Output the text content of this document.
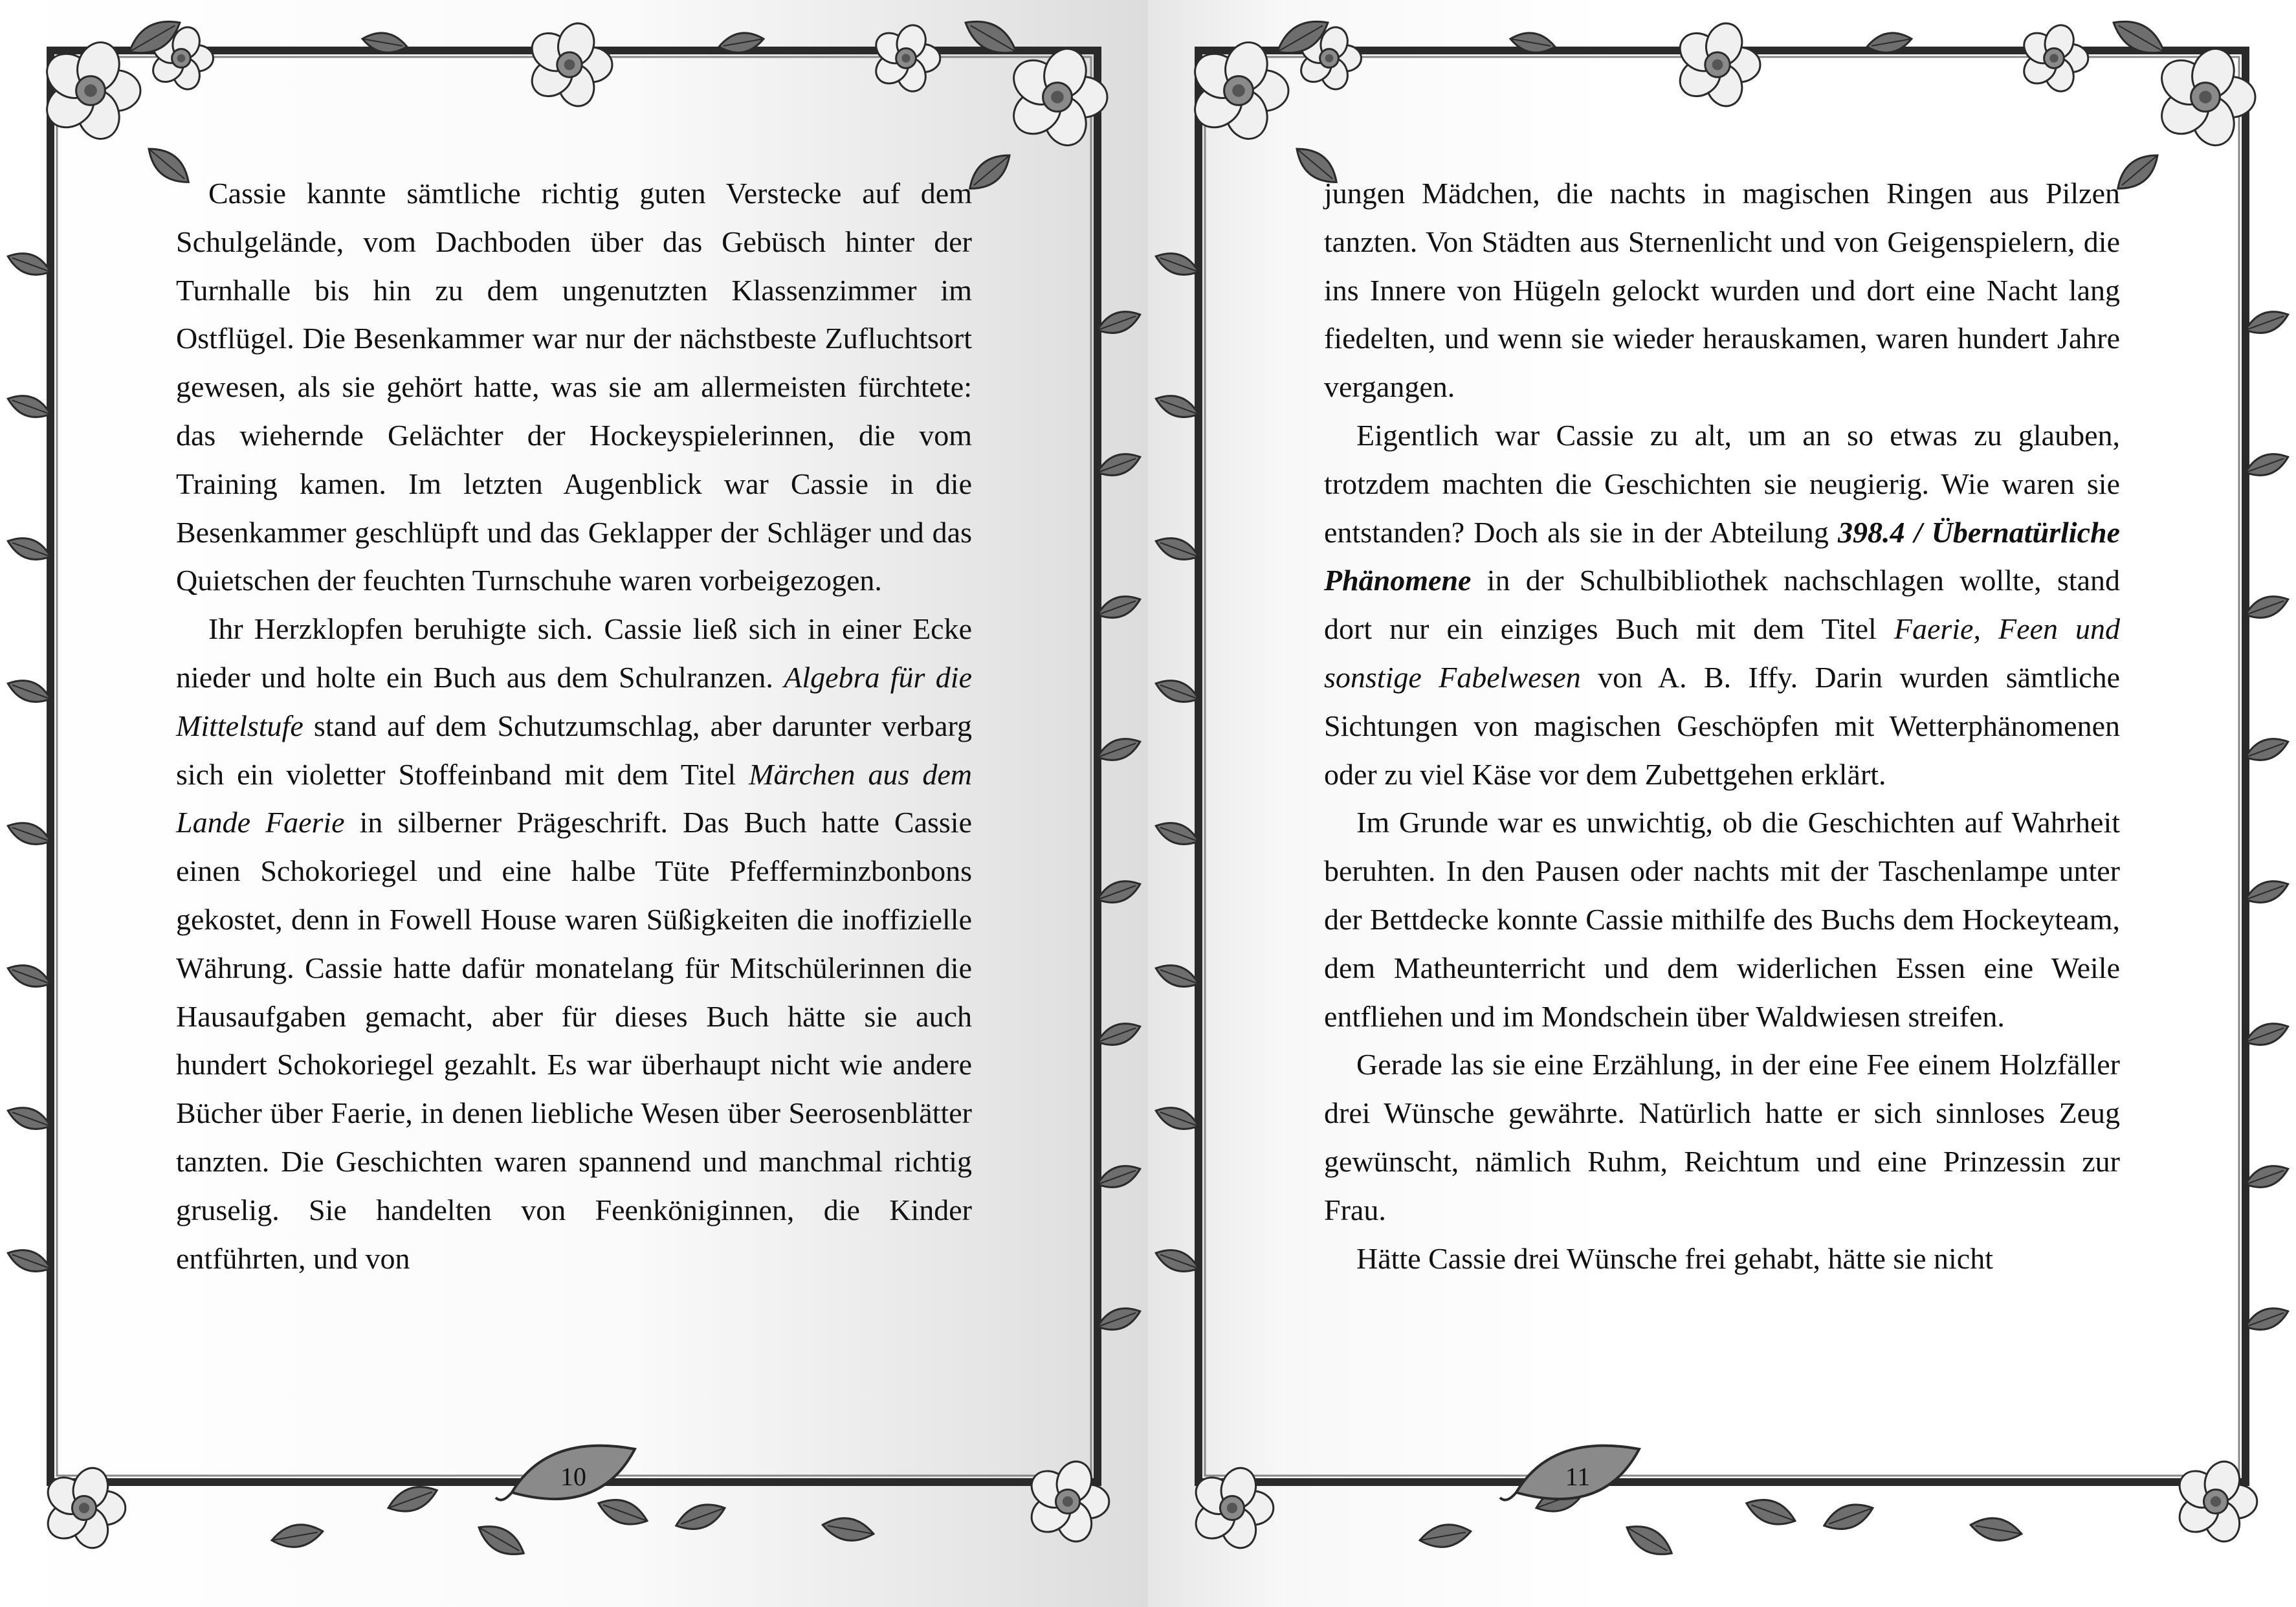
Cassie kannte sämtliche richtig guten Verstecke auf dem Schulgelände, vom Dachboden über das Gebüsch hinter der Turnhalle bis hin zu dem ungenutzten Klassenzimmer im Ostflügel. Die Besenkammer war nur der nächstbeste Zufluchtsort gewesen, als sie gehört hatte, was sie am allermeisten fürchtete: das wiehernde Gelächter der Hockeyspielerinnen, die vom Training kamen. Im letzten Augenblick war Cassie in die Besenkammer geschlüpft und das Geklapper der Schläger und das Quietschen der feuchten Turnschuhe waren vorbeigezogen.

Ihr Herzklopfen beruhigte sich. Cassie ließ sich in einer Ecke nieder und holte ein Buch aus dem Schulranzen. Algebra für die Mittelstufe stand auf dem Schutzumschlag, aber darunter verbarg sich ein violetter Stoffeinband mit dem Titel Märchen aus dem Lande Faerie in silberner Prägeschrift. Das Buch hatte Cassie einen Schokoriegel und eine halbe Tüte Pfefferminzbonbons gekostet, denn in Fowell House waren Süßigkeiten die inoffizielle Währung. Cassie hatte dafür monatelang für Mitschülerinnen die Hausaufgaben gemacht, aber für dieses Buch hätte sie auch hundert Schokoriegel gezahlt. Es war überhaupt nicht wie andere Bücher über Faerie, in denen liebliche Wesen über Seerosenblätter tanzten. Die Geschichten waren spannend und manchmal richtig gruselig. Sie handelten von Feenköniginnen, die Kinder entführten, und von

10

jungen Mädchen, die nachts in magischen Ringen aus Pilzen tanzten. Von Städten aus Sternenlicht und von Geigenspielern, die ins Innere von Hügeln gelockt wurden und dort eine Nacht lang fiedelten, und wenn sie wieder herauskamen, waren hundert Jahre vergangen.

Eigentlich war Cassie zu alt, um an so etwas zu glauben, trotzdem machten die Geschichten sie neugierig. Wie waren sie entstanden? Doch als sie in der Abteilung 398.4 / Übernatürliche Phänomene in der Schulbibliothek nachschlagen wollte, stand dort nur ein einziges Buch mit dem Titel Faerie, Feen und sonstige Fabelwesen von A. B. Iffy. Darin wurden sämtliche Sichtungen von magischen Geschöpfen mit Wetterphänomenen oder zu viel Käse vor dem Zubettgehen erklärt.

Im Grunde war es unwichtig, ob die Geschichten auf Wahrheit beruhten. In den Pausen oder nachts mit der Taschenlampe unter der Bettdecke konnte Cassie mithilfe des Buchs dem Hockeyteam, dem Matheunterricht und dem widerlichen Essen eine Weile entfliehen und im Mondschein über Waldwiesen streifen.

Gerade las sie eine Erzählung, in der eine Fee einem Holzfäller drei Wünsche gewährte. Natürlich hatte er sich sinnloses Zeug gewünscht, nämlich Ruhm, Reichtum und eine Prinzessin zur Frau.

Hätte Cassie drei Wünsche frei gehabt, hätte sie nicht

11
